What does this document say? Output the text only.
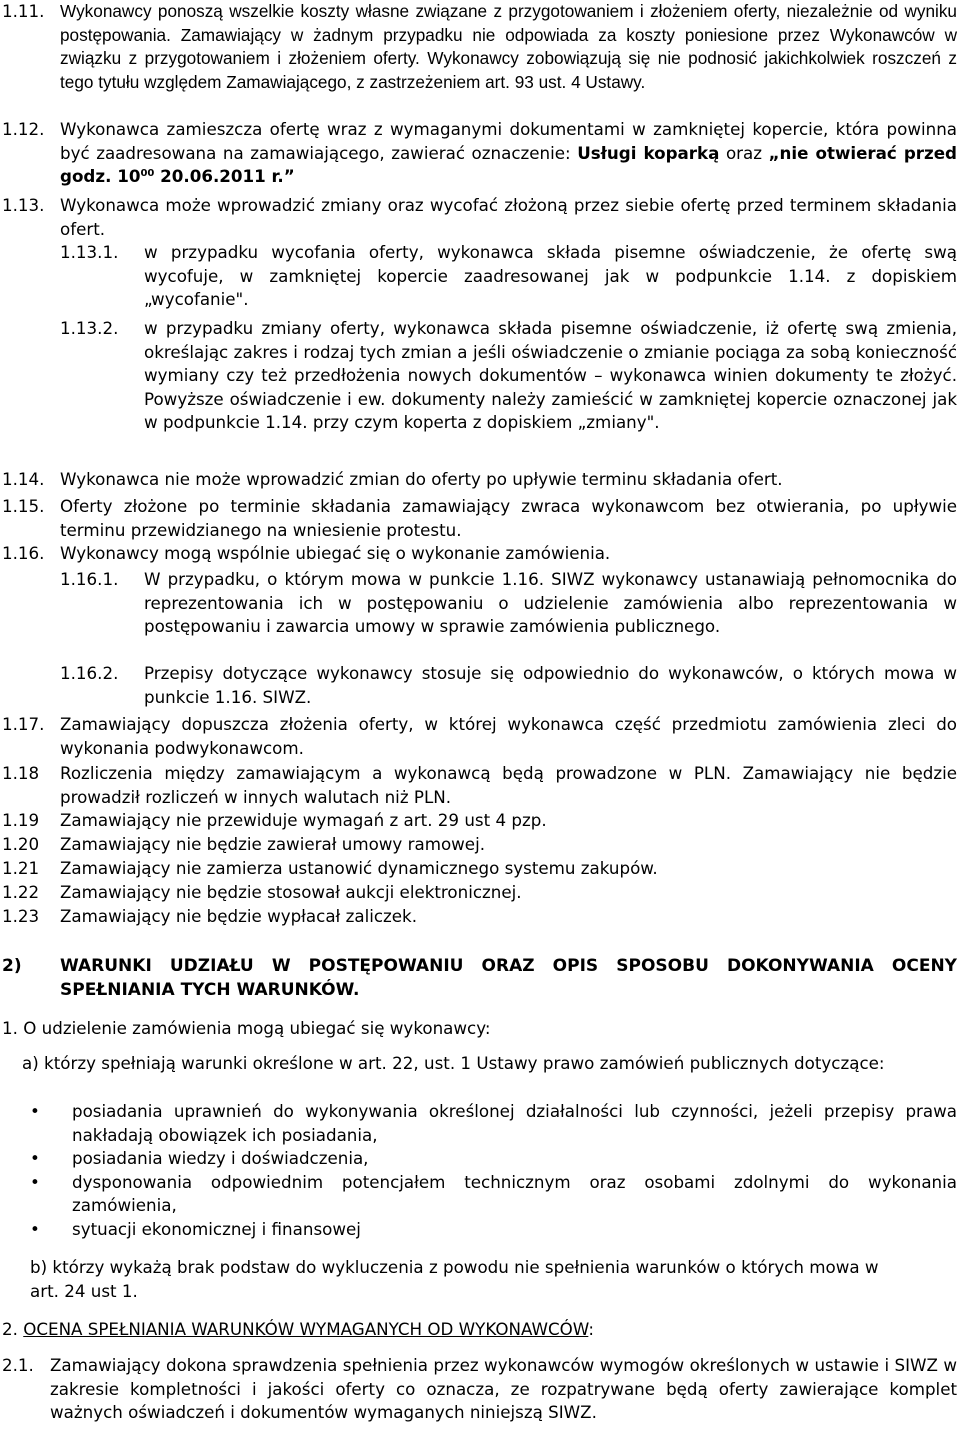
1.11. Wykonawcy ponoszą wszelkie koszty własne związane z przygotowaniem i złożeniem oferty, niezależnie od wyniku postępowania. Zamawiający w żadnym przypadku nie odpowiada za koszty poniesione przez Wykonawców w związku z przygotowaniem i złożeniem oferty. Wykonawcy zobowiązują się nie podnosić jakichkolwiek roszczeń z tego tytułu względem Zamawiającego, z zastrzeżeniem art. 93 ust. 4 Ustawy.
1.12. Wykonawca zamieszcza ofertę wraz z wymaganymi dokumentami w zamkniętej kopercie, która powinna być zaadresowana na zamawiającego, zawierać oznaczenie: Usługi koparką oraz „nie otwierać przed godz. $10^{00}$ 20.06.2011 r.”
1.13. Wykonawca może wprowadzić zmiany oraz wycofać złożoną przez siebie ofertę przed terminem składania ofert.
1.13.1.	w przypadku wycofania oferty, wykonawca składa pisemne oświadczenie, że ofertę swą wycofuje, w zamkniętej kopercie zaadresowanej jak w podpunkcie 1.14. z dopiskiem „wycofanie".
1.13.2.	w przypadku zmiany oferty, wykonawca składa pisemne oświadczenie, iż ofertę swą zmienia, określając zakres i rodzaj tych zmian a jeśli oświadczenie o zmianie pociąga za sobą konieczność wymiany czy też przedłożenia nowych dokumentów – wykonawca winien dokumenty te złożyć. Powyższe oświadczenie i ew. dokumenty należy zamieścić w zamkniętej kopercie oznaczonej jak w podpunkcie 1.14. przy czym koperta z dopiskiem „zmiany".
1.14. Wykonawca nie może wprowadzić zmian do oferty po upływie terminu składania ofert.
1.15. Oferty złożone po terminie składania zamawiający zwraca wykonawcom bez otwierania, po upływie terminu przewidzianego na wniesienie protestu.
1.16. Wykonawcy mogą wspólnie ubiegać się o wykonanie zamówienia.
1.16.1.	W przypadku, o którym mowa w punkcie 1.16. SIWZ wykonawcy ustanawiają pełnomocnika do reprezentowania ich w postępowaniu o udzielenie zamówienia albo reprezentowania w postępowaniu i zawarcia umowy w sprawie zamówienia publicznego.
1.16.2.	Przepisy dotyczące wykonawcy stosuje się odpowiednio do wykonawców, o których mowa w punkcie 1.16. SIWZ.
1.17. Zamawiający dopuszcza złożenia oferty, w której wykonawca część przedmiotu zamówienia zleci do wykonania podwykonawcom.
1.18	Rozliczenia między zamawiającym a wykonawcą będą prowadzone w PLN. Zamawiający nie będzie prowadził rozliczeń w innych walutach niż PLN.
1.19	Zamawiający nie przewiduje wymagań z art. 29 ust 4 pzp.
1.20	Zamawiający nie będzie zawierał umowy ramowej.
1.21	Zamawiający nie zamierza ustanowić dynamicznego systemu zakupów.
1.22	Zamawiający nie będzie stosował aukcji elektronicznej.
1.23	Zamawiający nie będzie wypłacał zaliczek.
2)	WARUNKI UDZIAŁU W POSTĘPOWANIU ORAZ OPIS SPOSOBU DOKONYWANIA OCENY SPEŁNIANIA TYCH WARUNKÓW.
1. O udzielenie zamówienia mogą ubiegać się wykonawcy:
a) którzy spełniają warunki określone w art. 22, ust. 1 Ustawy prawo zamówień publicznych dotyczące:
•	posiadania uprawnień do wykonywania określonej działalności lub czynności, jeżeli przepisy prawa nakładają obowiązek ich posiadania,
•	posiadania wiedzy i doświadczenia,
•	dysponowania odpowiednim potencjałem technicznym oraz osobami zdolnymi do wykonania zamówienia,
•	sytuacji ekonomicznej i finansowej
b) którzy wykażą brak podstaw do wykluczenia z powodu nie spełnienia warunków o których mowa w art. 24 ust 1.
2. OCENA SPEŁNIANIA WARUNKÓW WYMAGANYCH OD WYKONAWCÓW:
2.1. Zamawiający dokona sprawdzenia spełnienia przez wykonawców wymogów określonych w ustawie i SIWZ w zakresie kompletności i jakości oferty co oznacza, ze rozpatrywane będą oferty zawierające komplet ważnych oświadczeń i dokumentów wymaganych niniejszą SIWZ.
